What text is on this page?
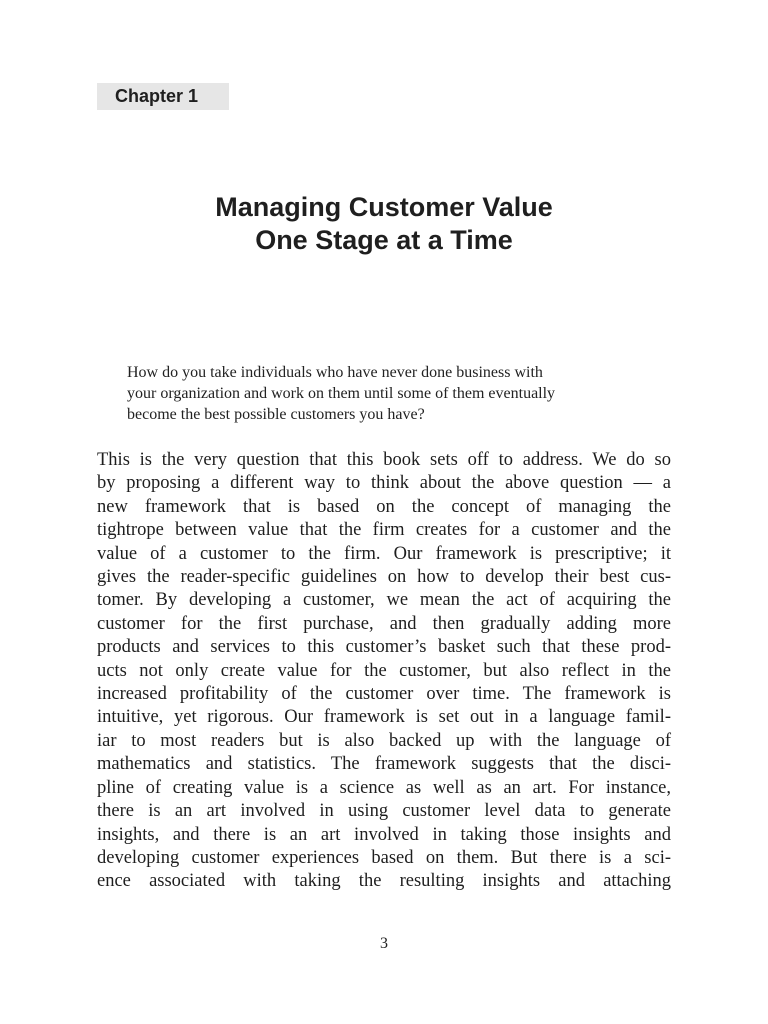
Chapter 1
Managing Customer Value
One Stage at a Time

How do you take individuals who have never done business with
your organization and work on them until some of them eventually
become the best possible customers you have?

This is the very question that this book sets off to address. We do so
by proposing a different way to think about the above question — a
new framework that is based on the concept of managing the
tightrope between value that the firm creates for a customer and the
value of a customer to the firm. Our framework is prescriptive; it
gives the reader-specific guidelines on how to develop their best cus-
tomer. By developing a customer, we mean the act of acquiring the
customer for the first purchase, and then gradually adding more
products and services to this customer’s basket such that these prod-
ucts not only create value for the customer, but also reflect in the
increased profitability of the customer over time. The framework is
intuitive, yet rigorous. Our framework is set out in a language famil-
iar to most readers but is also backed up with the language of
mathematics and statistics. The framework suggests that the disci-
pline of creating value is a science as well as an art. For instance,
there is an art involved in using customer level data to generate
insights, and there is an art involved in taking those insights and
developing customer experiences based on them. But there is a sci-
ence associated with taking the resulting insights and attaching

3
